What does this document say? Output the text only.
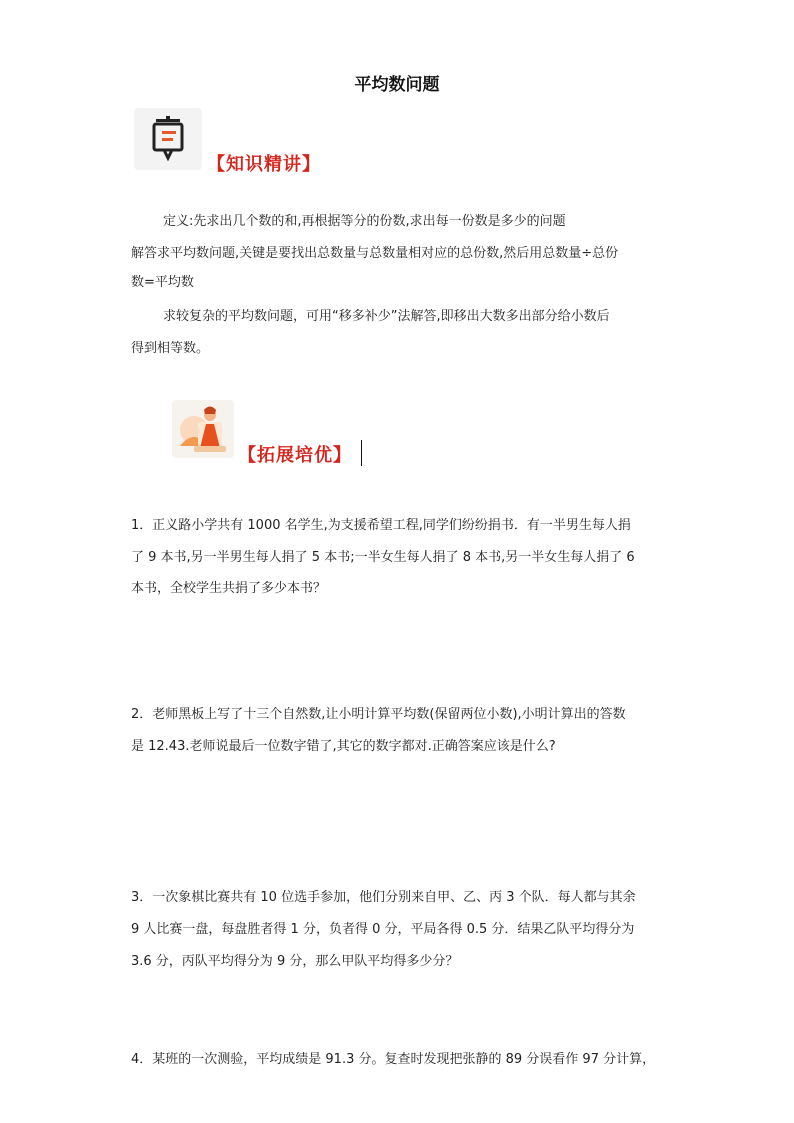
平均数问题
【知识精讲】
定义:先求出几个数的和,再根据等分的份数,求出每一份数是多少的问题
解答求平均数问题,关键是要找出总数量与总数量相对应的总份数,然后用总数量÷总份
数=平均数
求较复杂的平均数问题，可用“移多补少”法解答,即移出大数多出部分给小数后
得到相等数。
【拓展培优】
1．正义路小学共有 1000 名学生,为支援希望工程,同学们纷纷捐书．有一半男生每人捐
了 9 本书,另一半男生每人捐了 5 本书;一半女生每人捐了 8 本书,另一半女生每人捐了 6
本书，全校学生共捐了多少本书？
2．老师黑板上写了十三个自然数,让小明计算平均数(保留两位小数),小明计算出的答数
是 12.43.老师说最后一位数字错了,其它的数字都对.正确答案应该是什么?
3．一次象棋比赛共有 10 位选手参加，他们分别来自甲、乙、丙 3 个队．每人都与其余
9 人比赛一盘，每盘胜者得 1 分，负者得 0 分，平局各得 0.5 分．结果乙队平均得分为
3.6 分，丙队平均得分为 9 分，那么甲队平均得多少分？
4．某班的一次测验，平均成绩是 91.3 分。复查时发现把张静的 89 分误看作 97 分计算，
